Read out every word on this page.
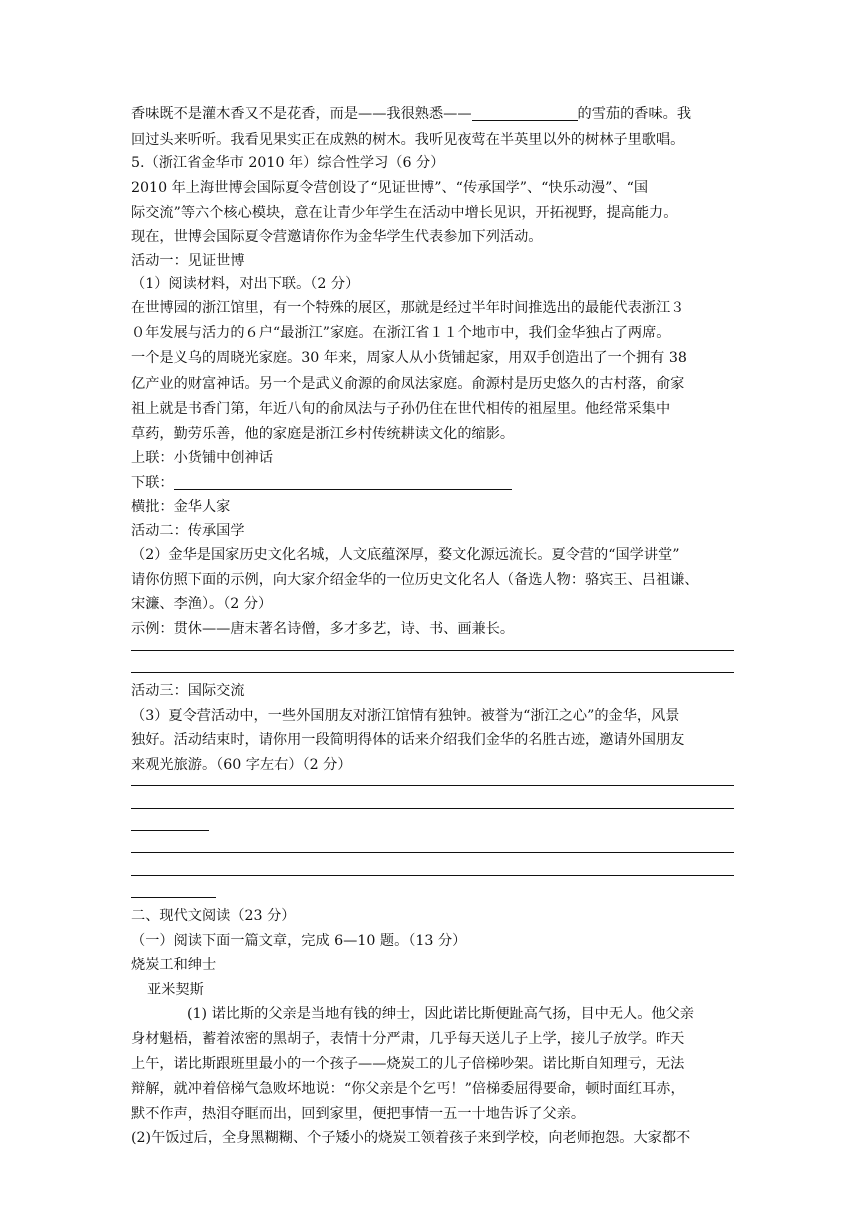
香味既不是灌木香又不是花香，而是——我很熟悉——	的雪茄的香味。我
回过头来听听。我看见果实正在成熟的树木。我听见夜莺在半英里以外的树林子里歌唱。
5.（浙江省金华市 2010 年）综合性学习（6 分）
2010 年上海世博会国际夏令营创设了“见证世博”、“传承国学”、“快乐动漫”、“国
际交流”等六个核心模块，意在让青少年学生在活动中增长见识，开拓视野，提高能力。
现在，世博会国际夏令营邀请你作为金华学生代表参加下列活动。
活动一：见证世博
（1）阅读材料，对出下联。（2 分）
在世博园的浙江馆里，有一个特殊的展区，那就是经过半年时间推选出的最能代表浙江３
０年发展与活力的６户“最浙江”家庭。在浙江省１１个地市中，我们金华独占了两席。
一个是义乌的周晓光家庭。30 年来，周家人从小货铺起家，用双手创造出了一个拥有 38
亿产业的财富神话。另一个是武义俞源的俞凤法家庭。俞源村是历史悠久的古村落，俞家
祖上就是书香门第，年近八旬的俞凤法与子孙仍住在世代相传的祖屋里。他经常采集中
草药，勤劳乐善，他的家庭是浙江乡村传统耕读文化的缩影。
上联：小货铺中创神话
下联：
横批：金华人家
活动二：传承国学
（2）金华是国家历史文化名城，人文底蕴深厚，婺文化源远流长。夏令营的“国学讲堂”
请你仿照下面的示例，向大家介绍金华的一位历史文化名人（备选人物：骆宾王、吕祖谦、
宋濂、李渔）。（2 分）
示例：贯休——唐末著名诗僧，多才多艺，诗、书、画兼长。
活动三：国际交流
（3）夏令营活动中，一些外国朋友对浙江馆情有独钟。被誉为“浙江之心”的金华，风景
独好。活动结束时，请你用一段简明得体的话来介绍我们金华的名胜古迹，邀请外国朋友
来观光旅游。（60 字左右）（2 分）
二、现代文阅读（23 分）
（一）阅读下面一篇文章，完成 6—10 题。（13 分）
烧炭工和绅士
亚米契斯
(1) 诺比斯的父亲是当地有钱的绅士，因此诺比斯便趾高气扬，目中无人。他父亲
身材魁梧，蓄着浓密的黑胡子，表情十分严肃，几乎每天送儿子上学，接儿子放学。昨天
上午，诺比斯跟班里最小的一个孩子——烧炭工的儿子倍梯吵架。诺比斯自知理亏，无法
辩解，就冲着倍梯气急败坏地说：“你父亲是个乞丐！”倍梯委屈得要命，顿时面红耳赤，
默不作声，热泪夺眶而出，回到家里，便把事情一五一十地告诉了父亲。
(2)午饭过后，全身黑糊糊、个子矮小的烧炭工领着孩子来到学校，向老师抱怨。大家都不
